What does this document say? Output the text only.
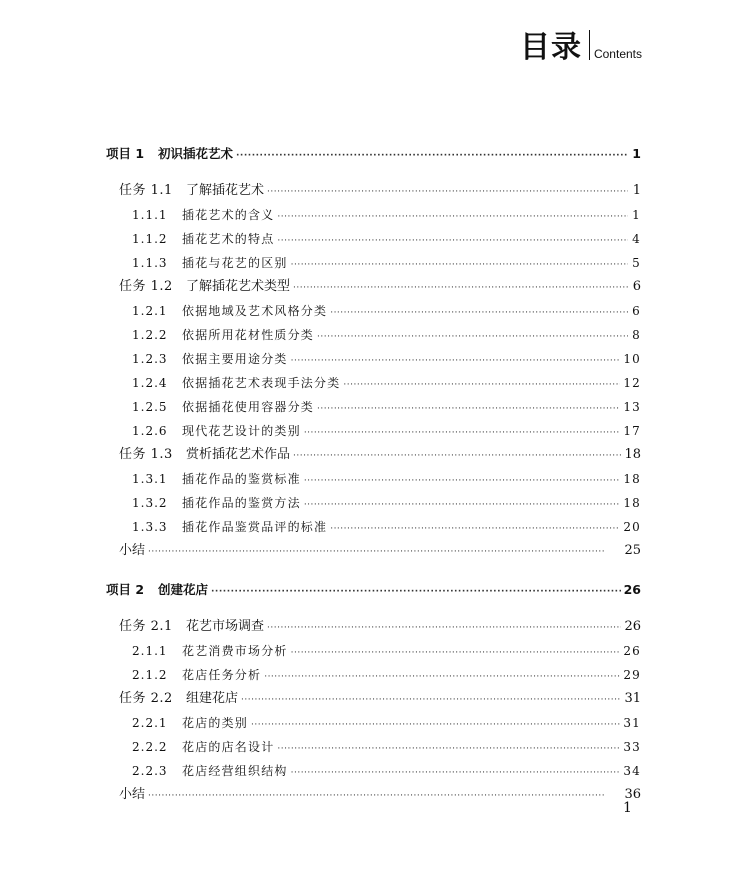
目录 Contents
项目 1	初识插花艺术 ·····	1
任务 1.1	了解插花艺术 ·····	1
1.1.1	插花艺术的含义 ·····	1
1.1.2	插花艺术的特点 ·····	4
1.1.3	插花与花艺的区别 ·····	5
任务 1.2	了解插花艺术类型 ·····	6
1.2.1	依据地域及艺术风格分类 ·····	6
1.2.2	依据所用花材性质分类 ·····	8
1.2.3	依据主要用途分类 ·····	10
1.2.4	依据插花艺术表现手法分类 ·····	12
1.2.5	依据插花使用容器分类 ·····	13
1.2.6	现代花艺设计的类别 ·····	17
任务 1.3	赏析插花艺术作品 ·····	18
1.3.1	插花作品的鉴赏标准 ·····	18
1.3.2	插花作品的鉴赏方法 ·····	18
1.3.3	插花作品鉴赏品评的标准 ·····	20
小结 ·····	25
项目 2	创建花店 ·····	26
任务 2.1	花艺市场调查 ·····	26
2.1.1	花艺消费市场分析 ·····	26
2.1.2	花店任务分析 ·····	29
任务 2.2	组建花店 ·····	31
2.2.1	花店的类别 ·····	31
2.2.2	花店的店名设计 ·····	33
2.2.3	花店经营组织结构 ·····	34
小结 ·····	36
1
